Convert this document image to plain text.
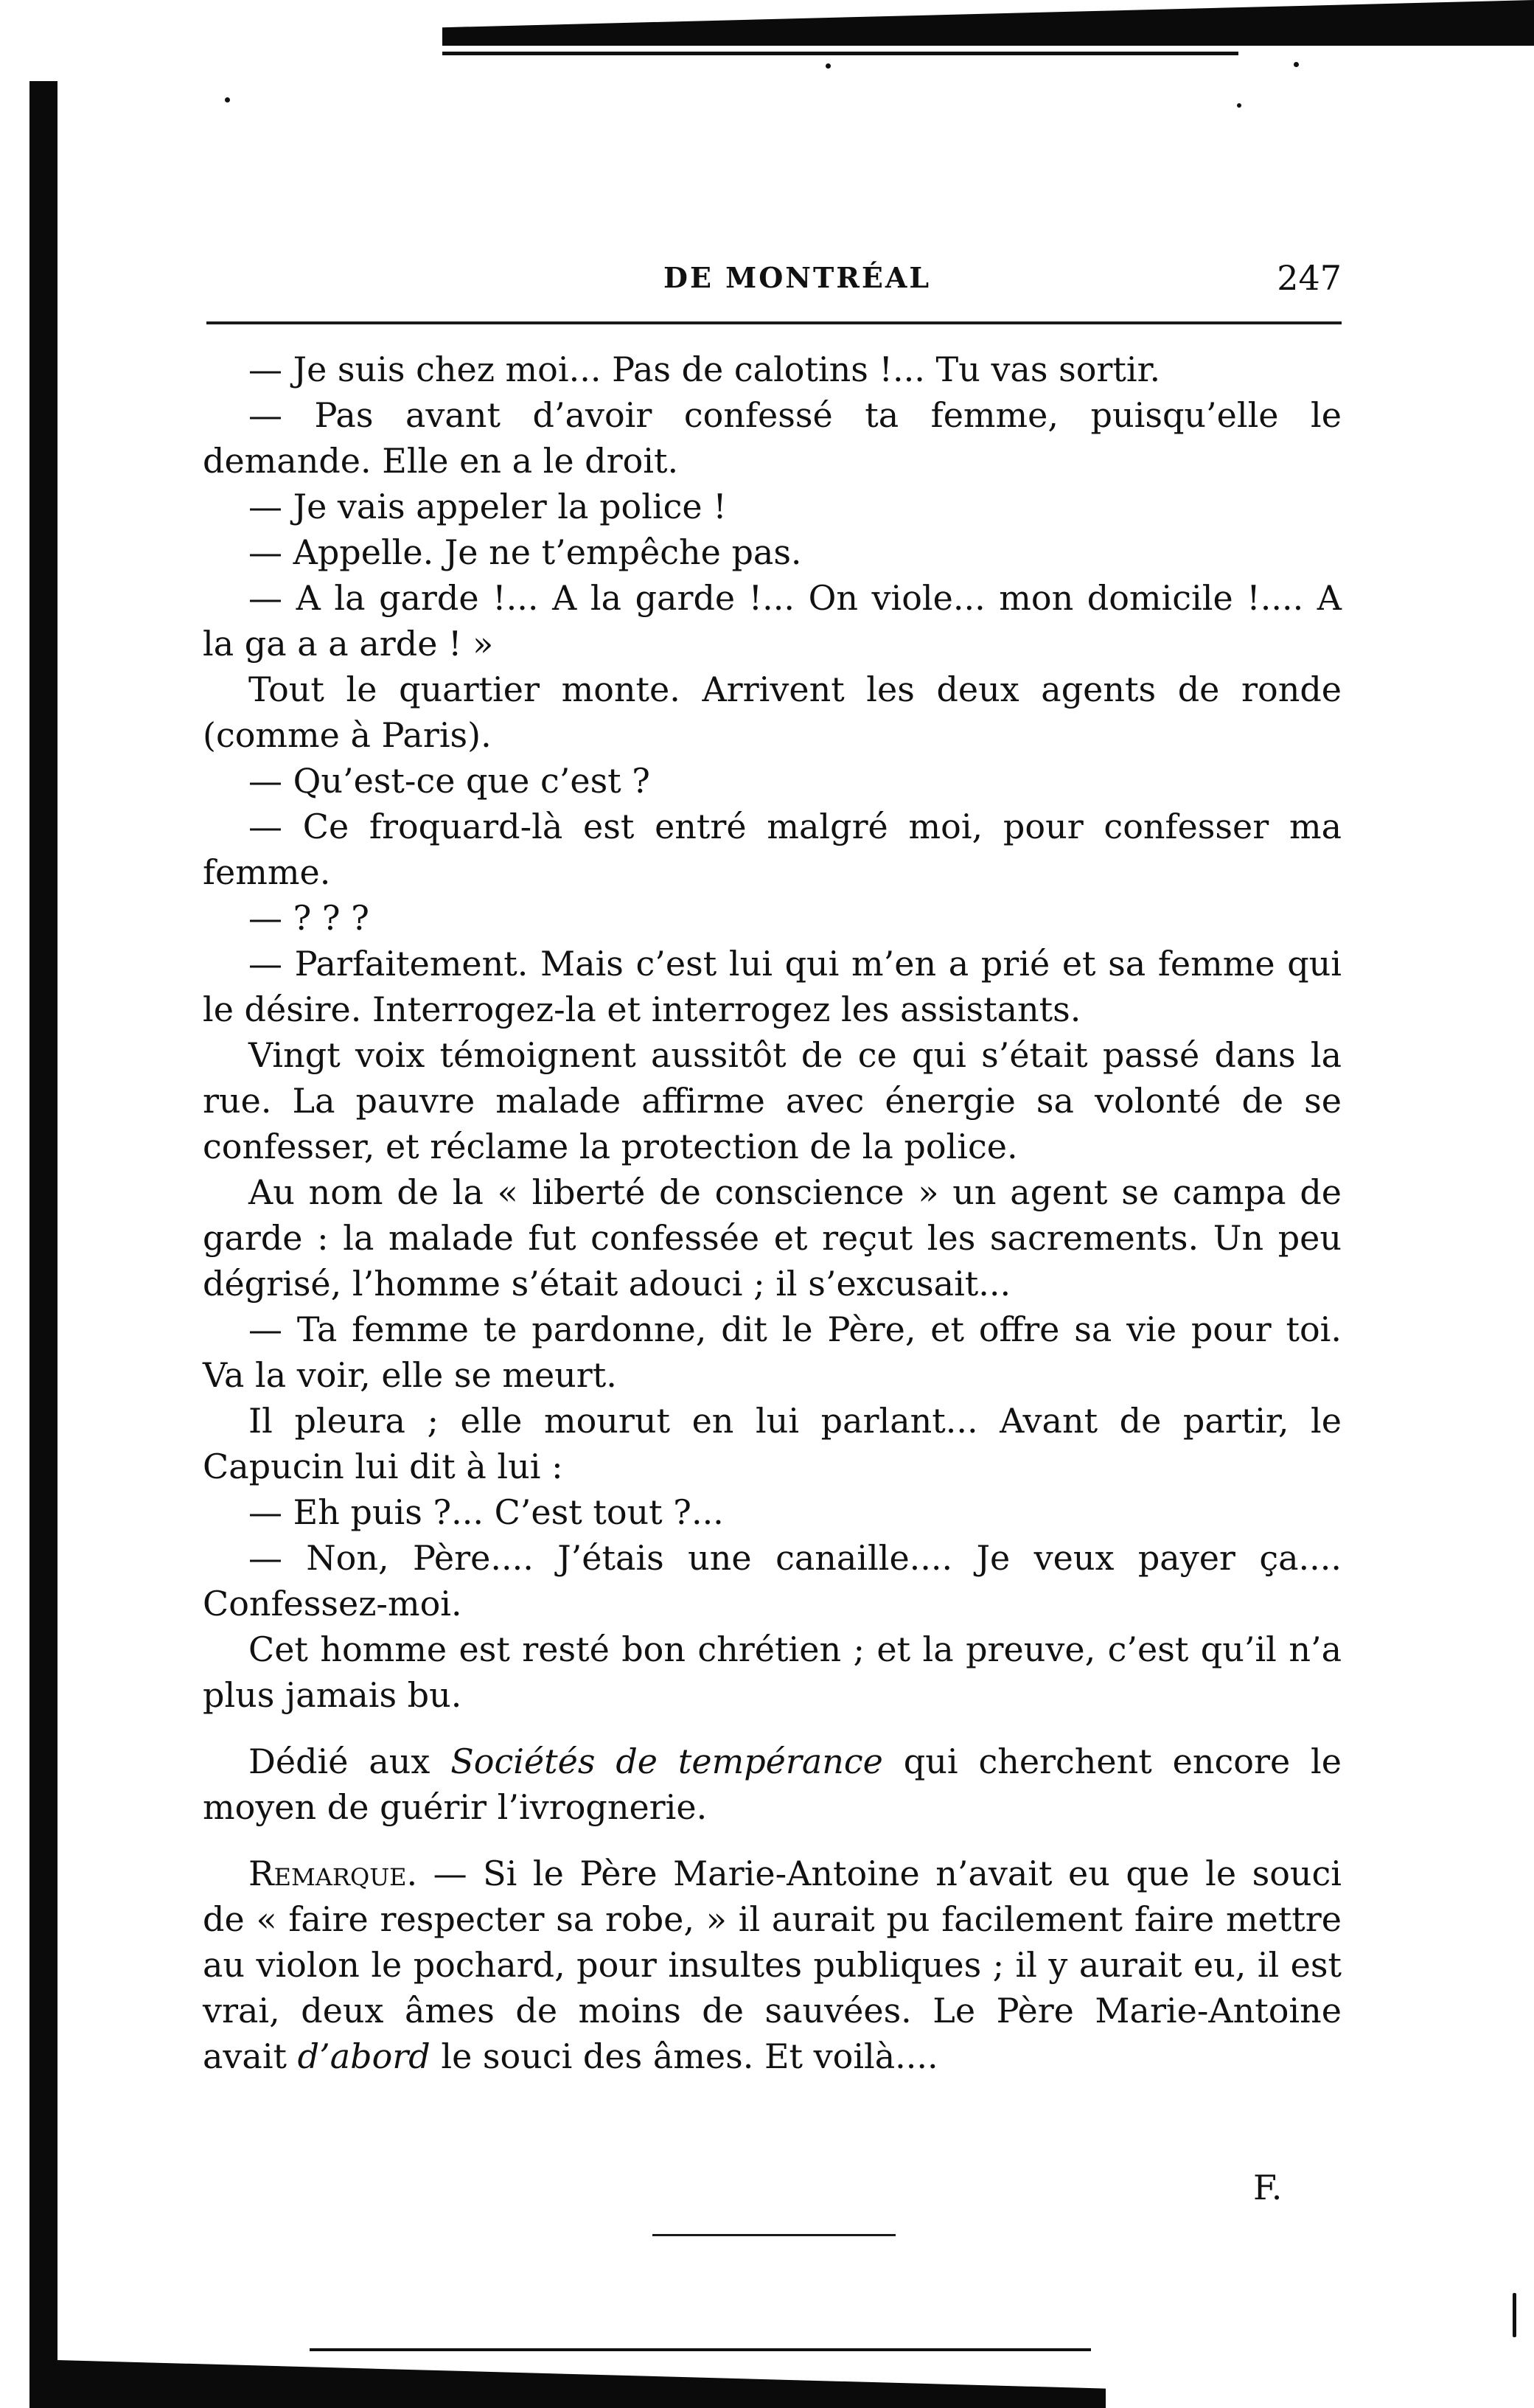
DE MONTRÉAL	247

— Je suis chez moi... Pas de calotins !... Tu vas sortir.

— Pas avant d’avoir confessé ta femme, puisqu’elle le demande. Elle en a le droit.

— Je vais appeler la police !

— Appelle. Je ne t’empêche pas.

— A la garde !... A la garde !... On viole... mon domicile !.... A la ga a a arde ! »

Tout le quartier monte. Arrivent les deux agents de ronde (comme à Paris).

— Qu’est-ce que c’est ?

— Ce froquard-là est entré malgré moi, pour confesser ma femme.

— ? ? ?

— Parfaitement. Mais c’est lui qui m’en a prié et sa femme qui le désire. Interrogez-la et interrogez les assistants.

Vingt voix témoignent aussitôt de ce qui s’était passé dans la rue. La pauvre malade affirme avec énergie sa volonté de se confesser, et réclame la protection de la police.

Au nom de la « liberté de conscience » un agent se campa de garde : la malade fut confessée et reçut les sacrements. Un peu dégrisé, l’homme s’était adouci ; il s’excusait...

— Ta femme te pardonne, dit le Père, et offre sa vie pour toi. Va la voir, elle se meurt.

Il pleura ; elle mourut en lui parlant... Avant de partir, le Capucin lui dit à lui :

— Eh puis ?... C’est tout ?...

— Non, Père.... J’étais une canaille.... Je veux payer ça.... Confessez-moi.

Cet homme est resté bon chrétien ; et la preuve, c’est qu’il n’a plus jamais bu.

Dédié aux Sociétés de tempérance qui cherchent encore le moyen de guérir l’ivrognerie.

Remarque. — Si le Père Marie-Antoine n’avait eu que le souci de « faire respecter sa robe, » il aurait pu facilement faire mettre au violon le pochard, pour insultes publiques ; il y aurait eu, il est vrai, deux âmes de moins de sauvées. Le Père Marie-Antoine avait d’abord le souci des âmes. Et voilà....

F.
